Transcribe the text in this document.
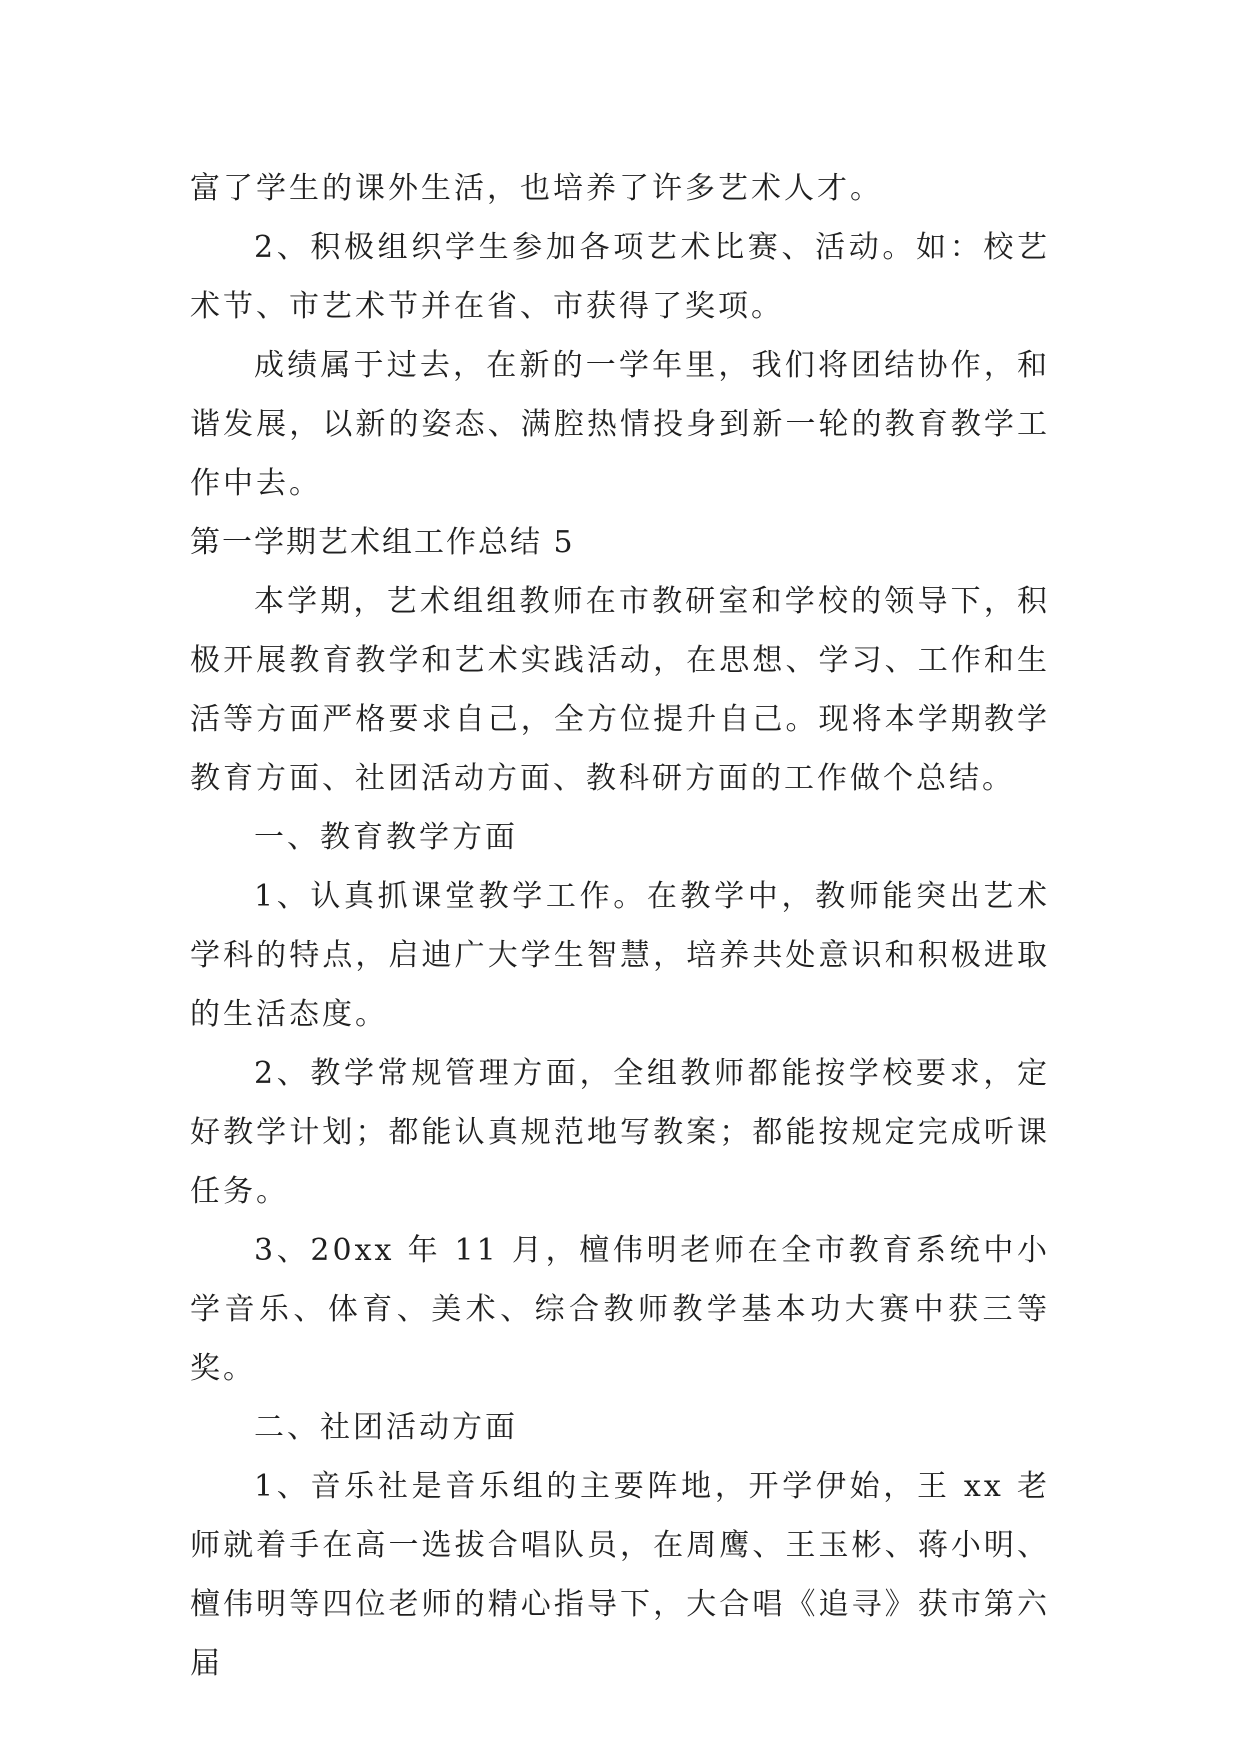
富了学生的课外生活，也培养了许多艺术人才。

2、积极组织学生参加各项艺术比赛、活动。如：校艺术节、市艺术节并在省、市获得了奖项。

成绩属于过去，在新的一学年里，我们将团结协作，和谐发展，以新的姿态、满腔热情投身到新一轮的教育教学工作中去。

第一学期艺术组工作总结 5

本学期，艺术组组教师在市教研室和学校的领导下，积极开展教育教学和艺术实践活动，在思想、学习、工作和生活等方面严格要求自己，全方位提升自己。现将本学期教学教育方面、社团活动方面、教科研方面的工作做个总结。

一、教育教学方面

1、认真抓课堂教学工作。在教学中，教师能突出艺术学科的特点，启迪广大学生智慧，培养共处意识和积极进取的生活态度。

2、教学常规管理方面，全组教师都能按学校要求，定好教学计划；都能认真规范地写教案；都能按规定完成听课任务。

3、20xx 年 11 月，檀伟明老师在全市教育系统中小学音乐、体育、美术、综合教师教学基本功大赛中获三等奖。

二、社团活动方面

1、音乐社是音乐组的主要阵地，开学伊始，王 xx 老师就着手在高一选拔合唱队员，在周鹰、王玉彬、蒋小明、檀伟明等四位老师的精心指导下，大合唱《追寻》获市第六届
